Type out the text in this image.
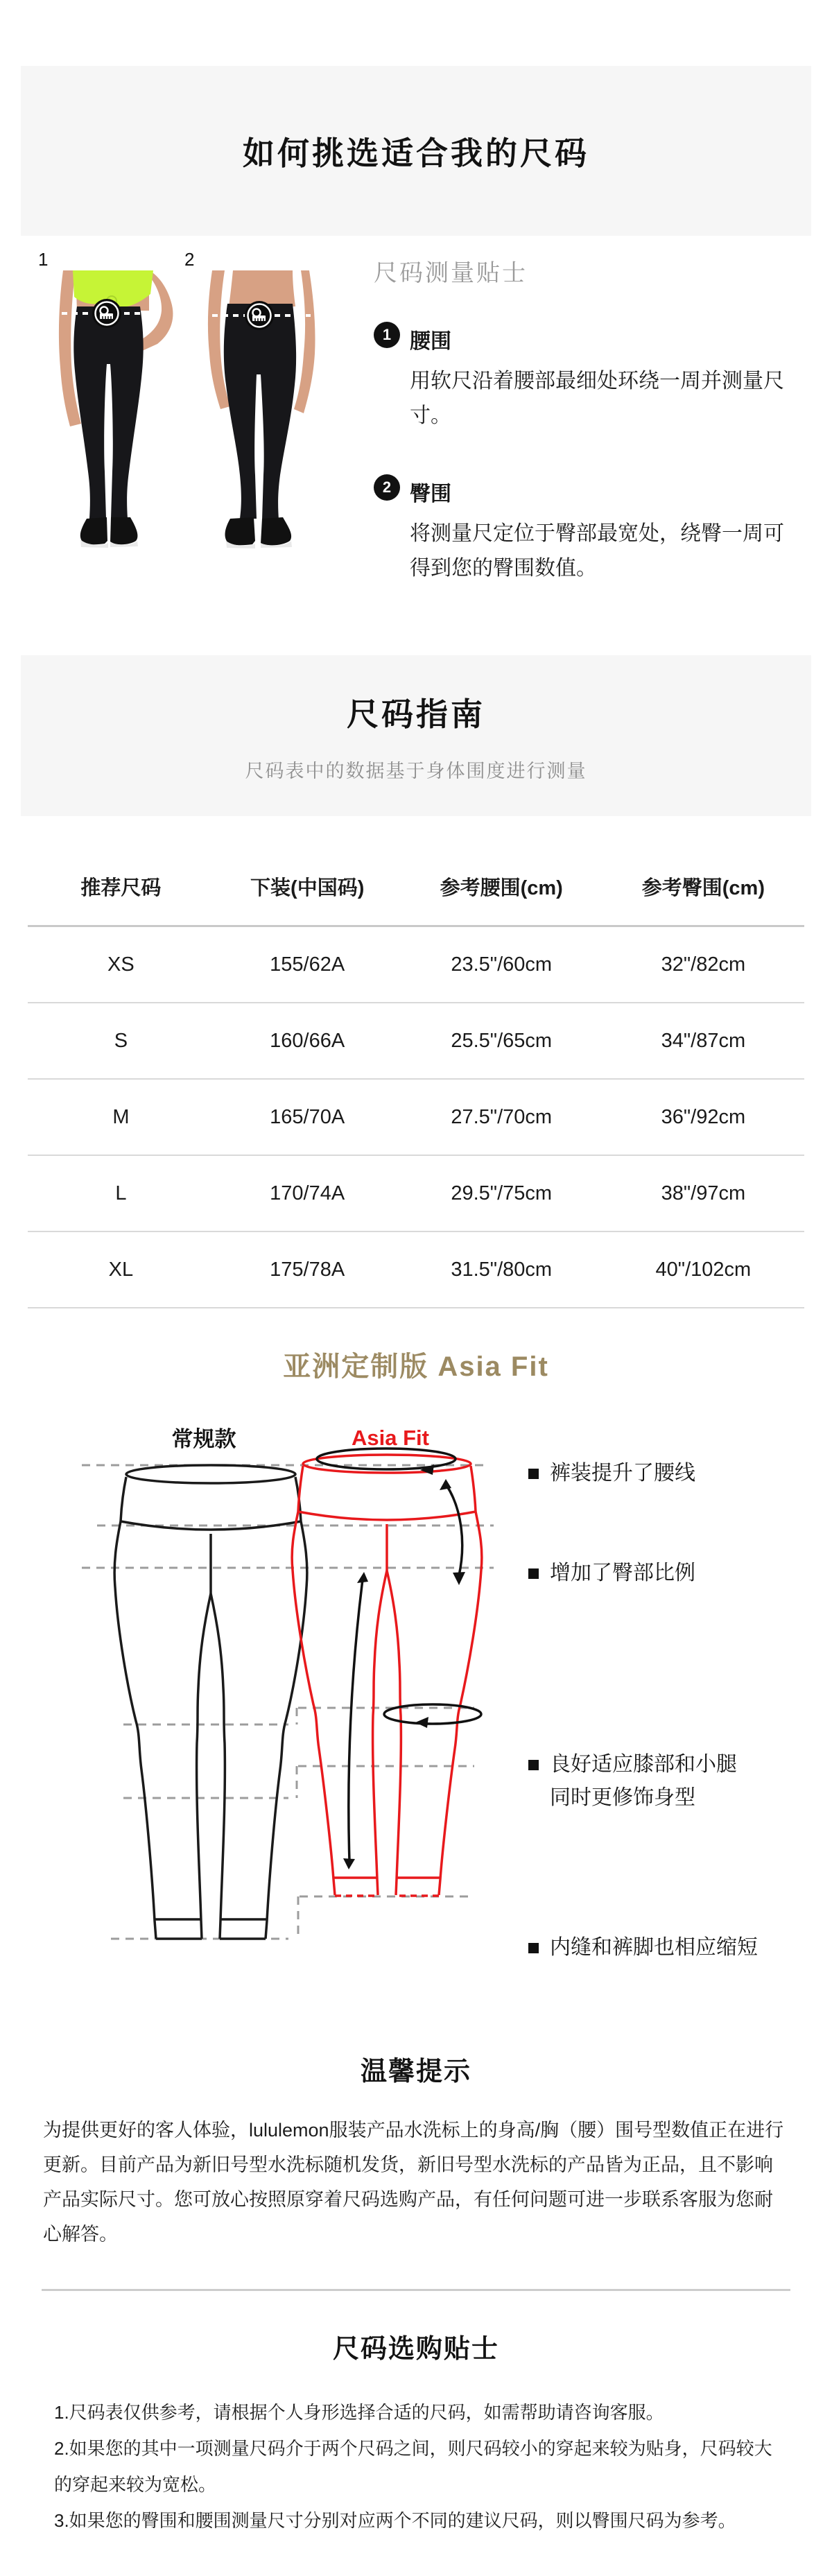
如何挑选适合我的尺码
1	2
尺码测量贴士
1 腰围
用软尺沿着腰部最细处环绕一周并测量尺寸。
2 臀围
将测量尺定位于臀部最宽处，绕臀一周可得到您的臀围数值。
尺码指南
尺码表中的数据基于身体围度进行测量
推荐尺码	下装(中国码)	参考腰围(cm)	参考臀围(cm)
XS	155/62A	23.5"/60cm	32"/82cm
S	160/66A	25.5"/65cm	34"/87cm
M	165/70A	27.5"/70cm	36"/92cm
L	170/74A	29.5"/75cm	38"/97cm
XL	175/78A	31.5"/80cm	40"/102cm
亚洲定制版 Asia Fit
常规款	Asia Fit
裤装提升了腰线
增加了臀部比例
良好适应膝部和小腿
同时更修饰身型
内缝和裤脚也相应缩短
温馨提示
为提供更好的客人体验，lululemon服装产品水洗标上的身高/胸（腰）围号型数值正在进行更新。目前产品为新旧号型水洗标随机发货，新旧号型水洗标的产品皆为正品，且不影响产品实际尺寸。您可放心按照原穿着尺码选购产品，有任何问题可进一步联系客服为您耐心解答。
尺码选购贴士
1.尺码表仅供参考，请根据个人身形选择合适的尺码，如需帮助请咨询客服。
2.如果您的其中一项测量尺码介于两个尺码之间，则尺码较小的穿起来较为贴身，尺码较大的穿起来较为宽松。
3.如果您的臀围和腰围测量尺寸分别对应两个不同的建议尺码，则以臀围尺码为参考。
